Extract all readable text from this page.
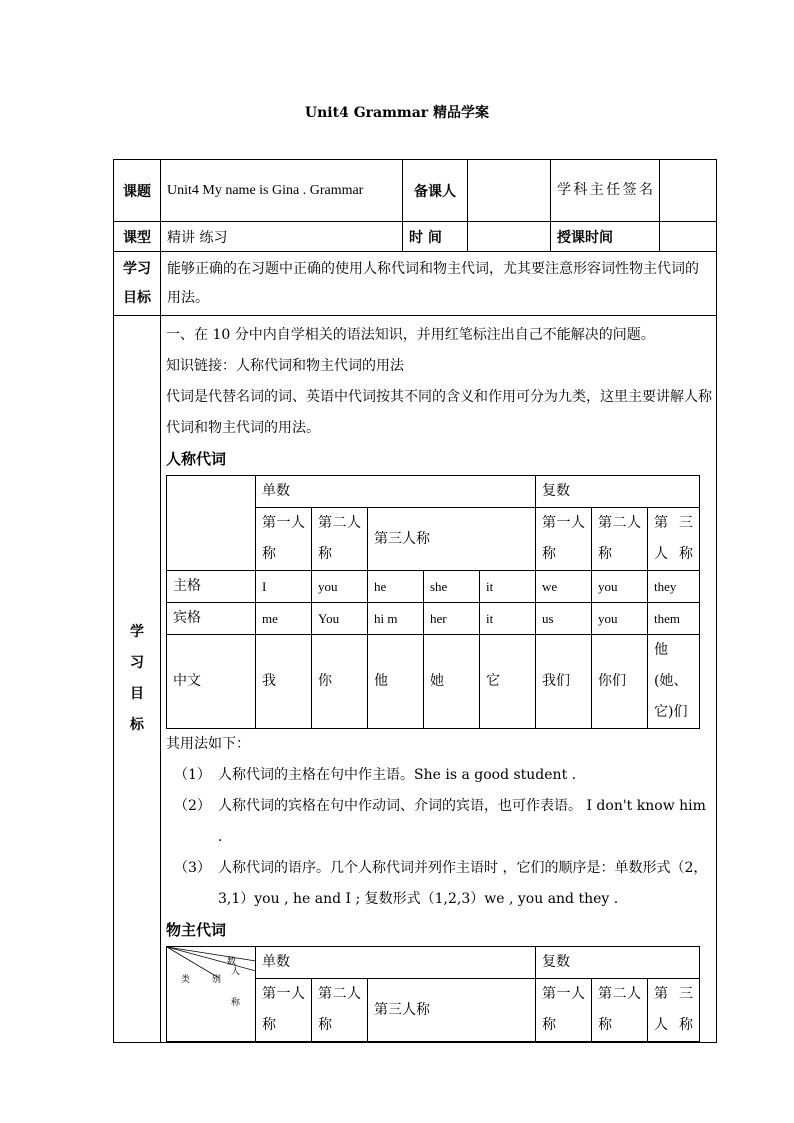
Unit4 Grammar 精品学案
课题	Unit4 My name is Gina . Grammar	备课人		学科主任签名	
课型	精讲 练习	时 间		授课时间	
学习目标	能够正确的在习题中正确的使用人称代词和物主代词，尤其要注意形容词性物主代词的用法。

学
习
目
标

一、在 10 分中内自学相关的语法知识，并用红笔标注出自己不能解决的问题。

知识链接：人称代词和物主代词的用法

代词是代替名词的词、英语中代词按其不同的含义和作用可分为九类，这里主要讲解人称代词和物主代词的用法。

人称代词

	单数	复数
第一人称	第二人称	第三人称	第一人称	第二人称	第三人称
主格	I	you	he	she	it	we	you	they
宾格	me	You	hi m	her	it	us	you	them
中文	我	你	他	她	它	我们	你们	他(她、它)们

其用法如下：

（1） 人称代词的主格在句中作主语。She is a good student .
（2） 人称代词的宾格在句中作动词、介词的宾语，也可作表语。 I don't know him .
（3） 人称代词的语序。几个人称代词并列作主语时 ，它们的顺序是：单数形式（2， 3,1）you , he and I ; 复数形式（1,2,3）we , you and they .

物主代词

数
人称
类别
	单数	复数
第一人称	第二人称	第三人称	第一人称	第二人称	第三人称
